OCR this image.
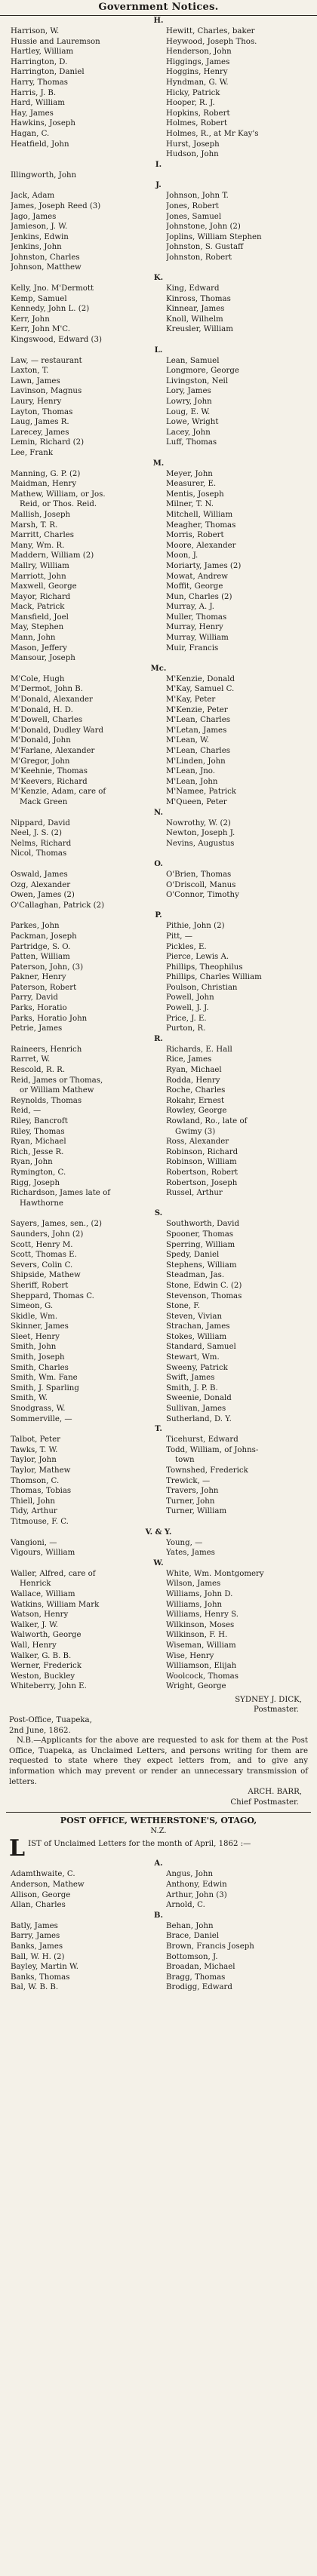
Government Notices.
H.
Harrison, W.
Hussie and Lauremson
Hartley, William
Harrington, D.
Harrington, Daniel
Harry, Thomas
Harris, J. B.
Hard, William
Hay, James
Hawkins, Joseph
Hagan, C.
Heatfield, John
Hewitt, Charles, baker
Heywood, Joseph Thos.
Henderson, John
Higgings, James
Hoggins, Henry
Hyndman, G. W.
Hicky, Patrick
Hooper, R. J.
Hopkins, Robert
Holmes, Robert
Holmes, R., at Mr Kay's
Hurst, Joseph
Hudson, John
I.
Illingworth, John
J.
Jack, Adam
James, Joseph Reed (3)
Jago, James
Jamieson, J. W.
Jenkins, Edwin
Jenkins, John
Johnston, Charles
Johnson, Matthew
Johnson, John T.
Jones, Robert
Jones, Samuel
Johnstone, John (2)
Joplins, William Stephen
Johnston, S. Gustaff
Johnston, Robert
K.
Kelly, Jno. M'Dermott
Kemp, Samuel
Kennedy, John L. (2)
Kerr, John
Kerr, John M'C.
Kingswood, Edward (3)
King, Edward
Kinross, Thomas
Kinnear, James
Knoll, Wilhelm
Kreusler, William
L.
Law, — restaurant
Laxton, T.
Lawn, James
Lavinson, Magnus
Laury, Henry
Layton, Thomas
Laug, James R.
Larecey, James
Lemin, Richard (2)
Lee, Frank
Lean, Samuel
Longmore, George
Livingston, Neil
Lory, James
Lowry, John
Loug, E. W.
Lowe, Wright
Lacey, John
Luff, Thomas
M.
Manning, G. P. (2)
Maidman, Henry
Mathew, William, or Jos.
Reid, or Thos. Reid.
Mallish, Joseph
Marsh, T. R.
Marritt, Charles
Many, Wm. R.
Maddern, William (2)
Mallry, William
Marriott, John
Maxwell, George
Mayor, Richard
Mack, Patrick
Mansfield, Joel
May, Stephen
Mann, John
Mason, Jeffery
Mansour, Joseph
Meyer, John
Measurer, E.
Mentis, Joseph
Milner, T. N.
Mitchell, William
Meagher, Thomas
Morris, Robert
Moore, Alexander
Moon, J.
Moriarty, James (2)
Mowat, Andrew
Moffit, George
Mun, Charles (2)
Murray, A. J.
Muller, Thomas
Murray, Henry
Murray, William
Muir, Francis
Mc.
M'Cole, Hugh
M'Dermot, John B.
M'Donald, Alexander
M'Donald, H. D.
M'Dowell, Charles
M'Donald, Dudley Ward
M'Donald, John
M'Farlane, Alexander
M'Gregor, John
M'Keehnie, Thomas
M'Keevers, Richard
M'Kenzie, Adam, care of
Mack Green
M'Kenzie, Donald
M'Kay, Samuel C.
M'Kay, Peter
M'Kenzie, Peter
M'Lean, Charles
M'Letan, James
M'Lean, W.
M'Lean, Charles
M'Linden, John
M'Lean, Jno.
M'Lean, John
M'Namee, Patrick
M'Queen, Peter
N.
Nippard, David
Neel, J. S. (2)
Nelms, Richard
Nicol, Thomas
Nowrothy, W. (2)
Newton, Joseph J.
Nevins, Augustus
O.
Oswald, James
Ozg, Alexander
Owen, James (2)
O'Callaghan, Patrick (2)
O'Brien, Thomas
O'Driscoll, Manus
O'Connor, Timothy
P.
Parkes, John
Packman, Joseph
Partridge, S. O.
Patten, William
Paterson, John, (3)
Pakner, Henry
Paterson, Robert
Parry, David
Parks, Horatio
Parks, Horatio John
Petrie, James
Pithie, John (2)
Pitt, —
Pickles, E.
Pierce, Lewis A.
Phillips, Theophilus
Phillips, Charles William
Poulson, Christian
Powell, John
Powell, J. J.
Price, J. E.
Purton, R.
R.
Raineers, Henrich
Rarret, W.
Rescold, R. R.
Reid, James or Thomas,
or William Mathew
Reynolds, Thomas
Reid, —
Riley, Bancroft
Riley, Thomas
Ryan, Michael
Rich, Jesse R.
Ryan, John
Rymington, C.
Rigg, Joseph
Richardson, James late of
Hawthorne
Richards, E. Hall
Rice, James
Ryan, Michael
Rodda, Henry
Roche, Charles
Rokahr, Ernest
Rowley, George
Rowland, Ro., late of
Gwimy (3)
Ross, Alexander
Robinson, Richard
Robinson, William
Robertson, Robert
Robertson, Joseph
Russel, Arthur
S.
Sayers, James, sen., (2)
Saunders, John (2)
Scott, Henry M.
Scott, Thomas E.
Severs, Colin C.
Shipside, Mathew
Sheriff, Robert
Sheppard, Thomas C.
Simeon, G.
Skidle, Wm.
Skinner, James
Sleet, Henry
Smith, John
Smith, Joseph
Smith, Charles
Smith, Wm. Fane
Smith, J. Sparling
Smith, W.
Snodgrass, W.
Sommerville, —
Southworth, David
Spooner, Thomas
Sperring, William
Spedy, Daniel
Stephens, William
Steadman, Jas.
Stone, Edwin C. (2)
Stevenson, Thomas
Stone, F.
Steven, Vivian
Strachan, James
Stokes, William
Standard, Samuel
Stewart, Wm.
Sweeny, Patrick
Swift, James
Smith, J. P. B.
Sweenie, Donald
Sullivan, James
Sutherland, D. Y.
T.
Talbot, Peter
Tawks, T. W.
Taylor, John
Taylor, Mathew
Thomson, C.
Thomas, Tobias
Thiell, John
Tidy, Arthur
Titmouse, F. C.
Ticehurst, Edward
Todd, William, of Johns-
town
Townshed, Frederick
Trewick, —
Travers, John
Turner, John
Turner, William
V. & Y.
Vangioni, —
Vigours, William
Young, —
Yates, James
W.
Waller, Alfred, care of
Henrick
Wallace, William
Watkins, William Mark
Watson, Henry
Walker, J. W.
Walworth, George
Wall, Henry
Walker, G. B. B.
Werner, Frederick
Weston, Buckley
Whiteberry, John E.
White, Wm. Montgomery
Wilson, James
Williams, John D.
Williams, John
Williams, Henry S.
Wilkinson, Moses
Wilkinson, F. H.
Wiseman, William
Wise, Henry
Williamson, Elijah
Woolcock, Thomas
Wright, George
SYDNEY J. DICK,
Postmaster.
Post-Office, Tuapeka,
2nd June, 1862.
N.B.—Applicants for the above are requested to ask for them at the Post Office, Tuapeka, as Unclaimed Letters, and persons writing for them are requested to state where they expect letters from, and to give any information which may prevent or render an unnecessary transmission of letters.
ARCH. BARR,
Chief Postmaster.
POST OFFICE, WETHERSTONE'S, OTAGO,
N.Z.
L IST of Unclaimed Letters for the month of April, 1862 :—
A.
Adamthwaite, C.
Anderson, Mathew
Allison, George
Allan, Charles
Angus, John
Anthony, Edwin
Arthur, John (3)
Arnold, C.
B.
Batly, James
Barry, James
Banks, James
Ball, W. H. (2)
Bayley, Martin W.
Banks, Thomas
Bal, W. B. B.
Behan, John
Brace, Daniel
Brown, Francis Joseph
Bottomson, J.
Broadan, Michael
Bragg, Thomas
Brodigg, Edward
